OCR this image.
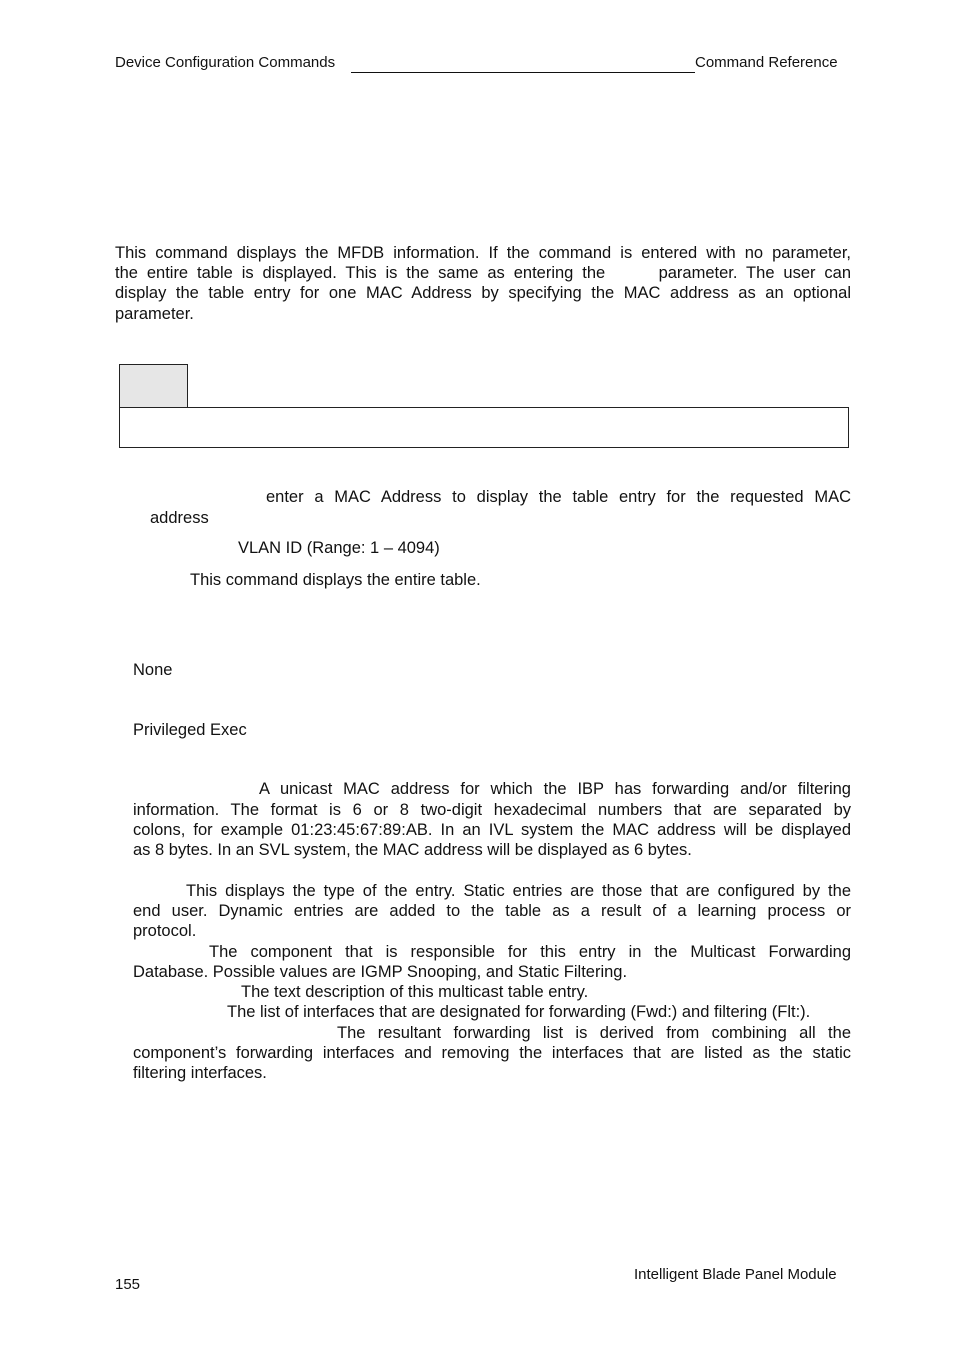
Device Configuration Commands	Command Reference
This command displays the MFDB information. If the command is entered with no parameter,
the entire table is displayed. This is the same as entering the      parameter. The user can
display the table entry for one MAC Address by specifying the MAC address as an optional
parameter.
enter a MAC Address to display the table entry for the requested MAC
address
VLAN ID (Range: 1 – 4094)
This command displays the entire table.
None
Privileged Exec
A unicast MAC address for which the IBP has forwarding and/or filtering
information. The format is 6 or 8 two-digit hexadecimal numbers that are separated by
colons, for example 01:23:45:67:89:AB. In an IVL system the MAC address will be displayed
as 8 bytes. In an SVL system, the MAC address will be displayed as 6 bytes.
This displays the type of the entry. Static entries are those that are configured by the
end user. Dynamic entries are added to the table as a result of a learning process or
protocol.
The component that is responsible for this entry in the Multicast Forwarding
Database. Possible values are IGMP Snooping, and Static Filtering.
The text description of this multicast table entry.
The list of interfaces that are designated for forwarding (Fwd:) and filtering (Flt:).
The resultant forwarding list is derived from combining all the
component’s forwarding interfaces and removing the interfaces that are listed as the static
filtering interfaces.
155
Intelligent Blade Panel Module
